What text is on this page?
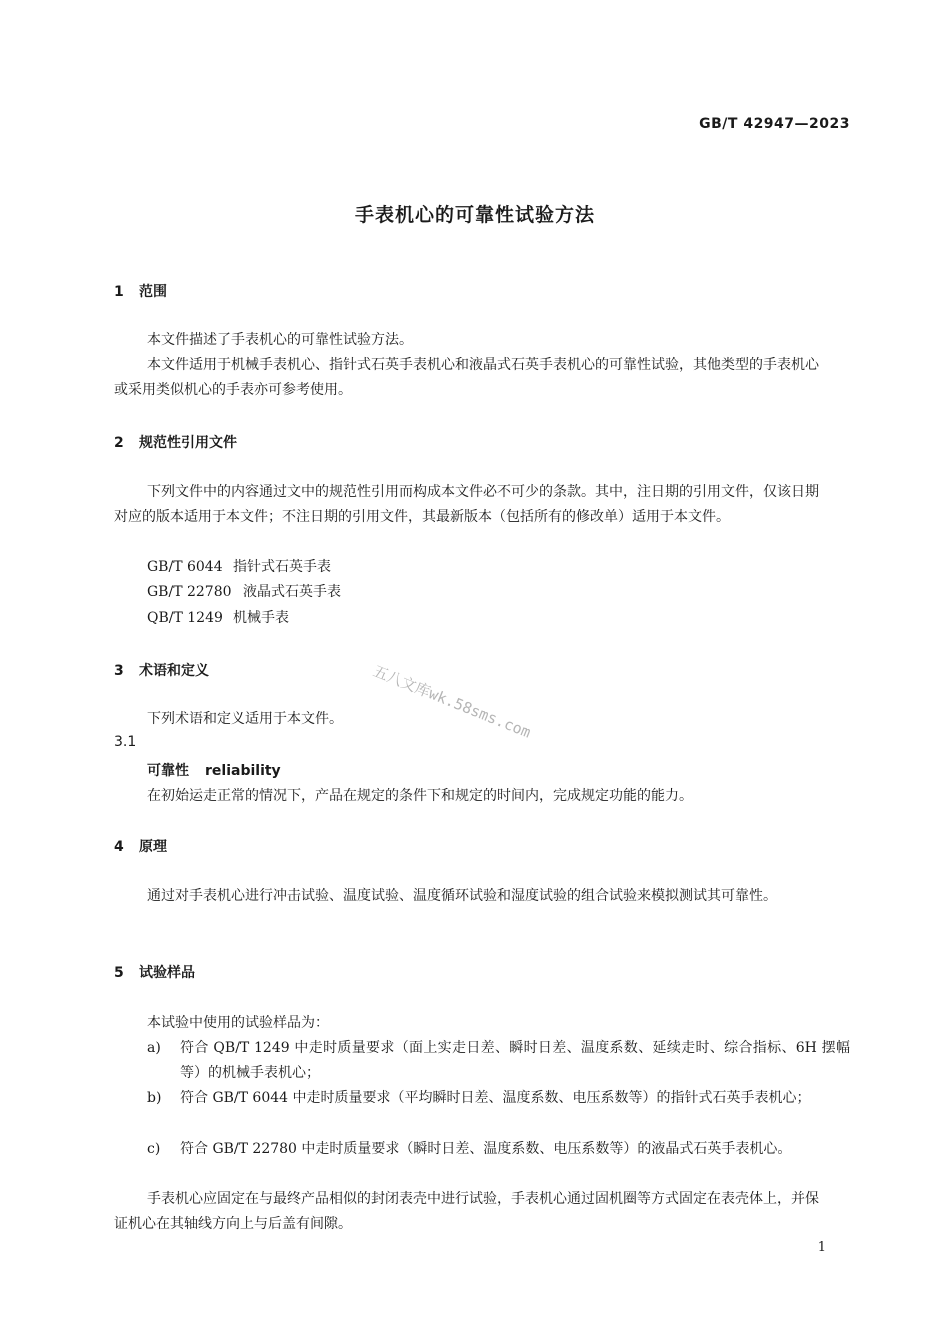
GB/T 42947—2023
手表机心的可靠性试验方法
1 范围
本文件描述了手表机心的可靠性试验方法。
本文件适用于机械手表机心、指针式石英手表机心和液晶式石英手表机心的可靠性试验，其他类型的手表机心或采用类似机心的手表亦可参考使用。
2 规范性引用文件
下列文件中的内容通过文中的规范性引用而构成本文件必不可少的条款。其中，注日期的引用文件，仅该日期对应的版本适用于本文件；不注日期的引用文件，其最新版本（包括所有的修改单）适用于本文件。
GB/T 6044 指针式石英手表
GB/T 22780 液晶式石英手表
QB/T 1249 机械手表
3 术语和定义
下列术语和定义适用于本文件。
3.1
可靠性 reliability
在初始运走正常的情况下，产品在规定的条件下和规定的时间内，完成规定功能的能力。
4 原理
通过对手表机心进行冲击试验、温度试验、温度循环试验和湿度试验的组合试验来模拟测试其可靠性。
5 试验样品
本试验中使用的试验样品为：
a) 符合 QB/T 1249 中走时质量要求（面上实走日差、瞬时日差、温度系数、延续走时、综合指标、6H 摆幅等）的机械手表机心；
b) 符合 GB/T 6044 中走时质量要求（平均瞬时日差、温度系数、电压系数等）的指针式石英手表机心；
c) 符合 GB/T 22780 中走时质量要求（瞬时日差、温度系数、电压系数等）的液晶式石英手表机心。
手表机心应固定在与最终产品相似的封闭表壳中进行试验，手表机心通过固机圈等方式固定在表壳体上，并保证机心在其轴线方向上与后盖有间隙。
1
五八文库wk.58sms.com
